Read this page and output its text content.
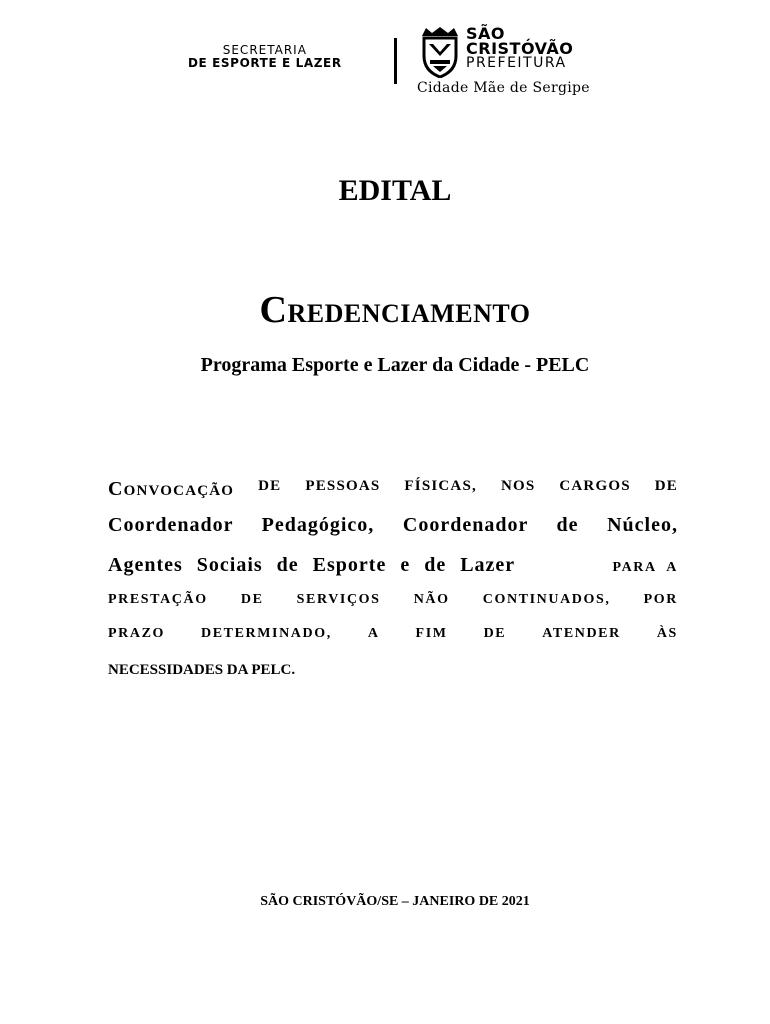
SECRETARIA
DE ESPORTE E LAZER
SÃO
CRISTÓVÃO
PREFEITURA
Cidade Mãe de Sergipe
EDITAL
CREDENCIAMENTO
Programa Esporte e Lazer da Cidade - PELC
CONVOCAÇÃO DE PESSOAS FÍSICAS, NOS CARGOS DE
Coordenador Pedagógico, Coordenador de Núcleo,
Agentes Sociais de Esporte e de Lazer	PARA A
PRESTAÇÃO DE SERVIÇOS NÃO CONTINUADOS, POR
PRAZO	DETERMINADO,	A	FIM	DE	ATENDER	ÀS
NECESSIDADES DA PELC.
SÃO CRISTÓVÃO/SE – JANEIRO DE 2021
